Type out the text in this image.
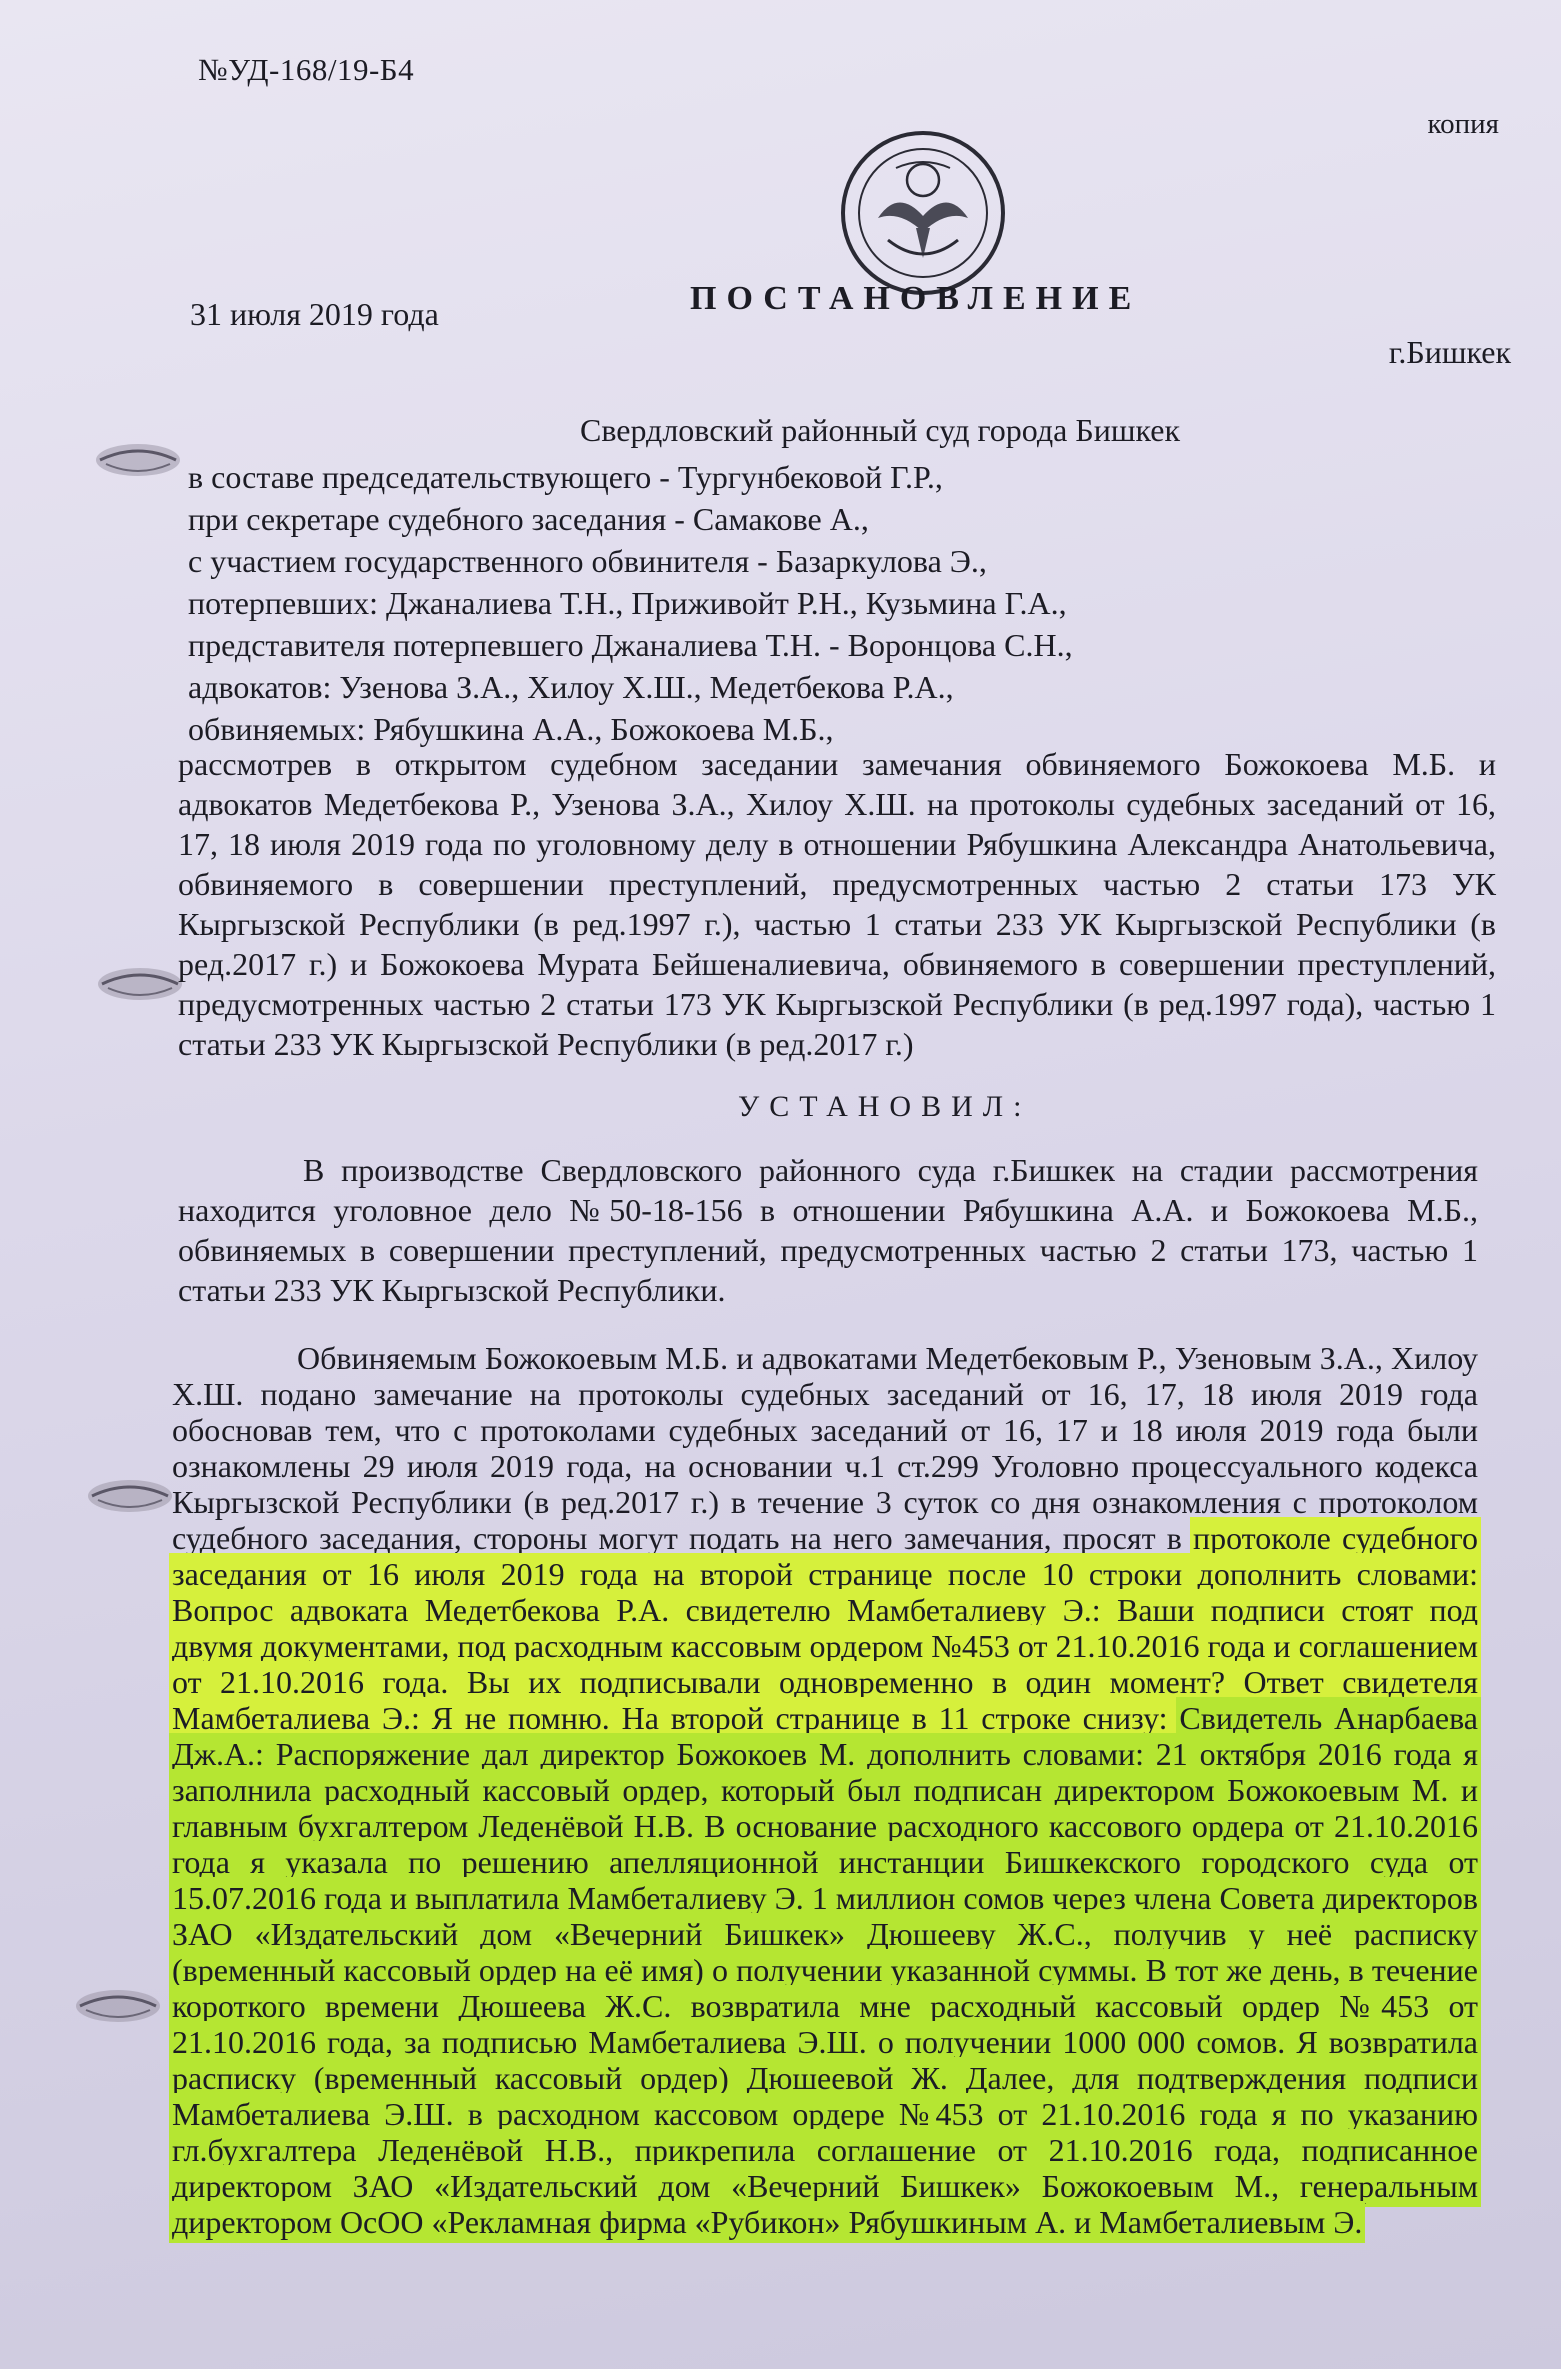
№УД-168/19-Б4
копия
ПОСТАНОВЛЕНИЕ
31 июля 2019 года
г.Бишкек
Свердловский районный суд города Бишкек
в составе председательствующего - Тургунбековой Г.Р.,
при секретаре судебного заседания - Самакове А.,
с участием государственного обвинителя - Базаркулова Э.,
потерпевших: Джаналиева Т.Н., Приживойт Р.Н., Кузьмина Г.А.,
представителя потерпевшего Джаналиева Т.Н. - Воронцова С.Н.,
адвокатов: Узенова З.А., Хилоу Х.Ш., Медетбекова Р.А.,
обвиняемых: Рябушкина А.А., Божокоева М.Б.,
рассмотрев в открытом судебном заседании замечания обвиняемого Божокоева М.Б. и адвокатов Медетбекова Р., Узенова З.А., Хилоу Х.Ш. на протоколы судебных заседаний от 16, 17, 18 июля 2019 года по уголовному делу в отношении Рябушкина Александра Анатольевича, обвиняемого в совершении преступлений, предусмотренных частью 2 статьи 173 УК Кыргызской Республики (в ред.1997 г.), частью 1 статьи 233 УК Кыргызской Республики (в ред.2017 г.) и Божокоева Мурата Бейшеналиевича, обвиняемого в совершении преступлений, предусмотренных частью 2 статьи 173 УК Кыргызской Республики (в ред.1997 года), частью 1 статьи 233 УК Кыргызской Республики (в ред.2017 г.)
УСТАНОВИЛ:
В производстве Свердловского районного суда г.Бишкек на стадии рассмотрения находится уголовное дело №50-18-156 в отношении Рябушкина А.А. и Божокоева М.Б., обвиняемых в совершении преступлений, предусмотренных частью 2 статьи 173, частью 1 статьи 233 УК Кыргызской Республики.
Обвиняемым Божокоевым М.Б. и адвокатами Медетбековым Р., Узеновым З.А., Хилоу Х.Ш. подано замечание на протоколы судебных заседаний от 16, 17, 18 июля 2019 года обосновав тем, что с протоколами судебных заседаний от 16, 17 и 18 июля 2019 года были ознакомлены 29 июля 2019 года, на основании ч.1 ст.299 Уголовно процессуального кодекса Кыргызской Республики (в ред.2017 г.) в течение 3 суток со дня ознакомления с протоколом судебного заседания, стороны могут подать на него замечания, просят в протоколе судебного заседания от 16 июля 2019 года на второй странице после 10 строки дополнить словами: Вопрос адвоката Медетбекова Р.А. свидетелю Мамбеталиеву Э.: Ваши подписи стоят под двумя документами, под расходным кассовым ордером №453 от 21.10.2016 года и соглашением от 21.10.2016 года. Вы их подписывали одновременно в один момент? Ответ свидетеля Мамбеталиева Э.: Я не помню. На второй странице в 11 строке снизу: Свидетель Анарбаева Дж.А.: Распоряжение дал директор Божокоев М. дополнить словами: 21 октября 2016 года я заполнила расходный кассовый ордер, который был подписан директором Божокоевым М. и главным бухгалтером Леденёвой Н.В. В основание расходного кассового ордера от 21.10.2016 года я указала по решению апелляционной инстанции Бишкекского городского суда от 15.07.2016 года и выплатила Мамбеталиеву Э. 1 миллион сомов через члена Совета директоров ЗАО «Издательский дом «Вечерний Бишкек» Дюшееву Ж.С., получив у неё расписку (временный кассовый ордер на её имя) о получении указанной суммы. В тот же день, в течение короткого времени Дюшеева Ж.С. возвратила мне расходный кассовый ордер №453 от 21.10.2016 года, за подписью Мамбеталиева Э.Ш. о получении 1000 000 сомов. Я возвратила расписку (временный кассовый ордер) Дюшеевой Ж. Далее, для подтверждения подписи Мамбеталиева Э.Ш. в расходном кассовом ордере №453 от 21.10.2016 года я по указанию гл.бухгалтера Леденёвой Н.В., прикрепила соглашение от 21.10.2016 года, подписанное директором ЗАО «Издательский дом «Вечерний Бишкек» Божокоевым М., генеральным директором ОсОО «Рекламная фирма «Рубикон» Рябушкиным А. и Мамбеталиевым Э.
